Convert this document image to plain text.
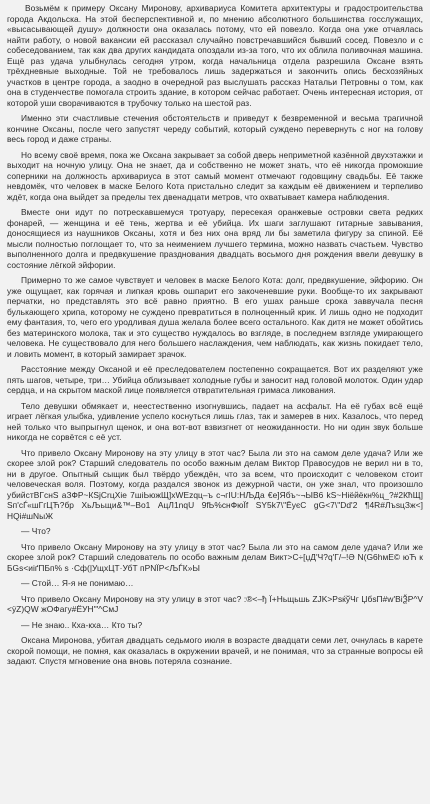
Возьмём к примеру Оксану Миронову, архивариуса Комитета архитектуры и градостроительства города Акдольска. На этой бесперспективной и, по мнению абсолютного большинства госслужащих, «высасывающей душу» должности она оказалась потому, что ей повезло. Когда она уже отчаялась найти работу, о новой вакансии ей рассказал случайно повстречавшийся бывший сосед. Повезло и с собеседованием, так как два других кандидата опоздали из-за того, что их облила поливочная машина. Ещё раз удача улыбнулась сегодня утром, когда начальница отдела разрешила Оксане взять трёхдневные выходные. Той не требовалось лишь задержаться и закончить опись бесхозяйных участков в центре города, а заодно в очередной раз выслушать рассказ Натальи Петровны о том, как она в студенчестве помогала строить здание, в котором сейчас работает. Очень интересная история, от которой уши сворачиваются в трубочку только на шестой раз.

Именно эти счастливые стечения обстоятельств и приведут к безвременной и весьма трагичной кончине Оксаны, после чего запустят череду событий, который суждено перевернуть с ног на голову весь город и даже страны.

Но всему своё время, пока же Оксана закрывает за собой дверь непримeтной казённой двухэтажки и выходит на ночную улицу. Она не знает, да и собственно не может знать, что её никогда промокшие соперники на должность архивариуса в этот самый момент отмечают годовщину свадьбы. Её также невдомёк, что человек в маске Белого Кота пристально следит за каждым её движением и терпеливо ждёт, когда она выйдет за пределы тех двенадцати метров, что охватывает камера наблюдения.

Вместе они идут по потрескавшемуся тротуару, пересекая оранжевые островки света редких фонарей, — женщина и её тень, жертва и её убийца. Их шаги заглушают гитарные завывания, доносящиеся из наушников Оксаны, хотя и без них она вряд ли бы заметила фигуру за спиной. Её мысли полностью поглощает то, что за неимением лучшего термина, можно назвать счастьем. Чувство выполненного долга и предвкушение празднования двадцать восьмого дня рождения ввели девушку в состояние лёгкой эйфории.

Примерно то же самое чувствует и человек в маске Белого Кота: долг, предвкушение, эйфорию. Он уже ощущает, как горячая и липкая кровь ошпарит его закоченевшие руки. Вообще-то их закрывают перчатки, но представлять это всё равно приятно. В его ушах раньше срока заввучала песня булькающего хрипа, которому не суждено превратиться в полноценный крик. И лишь одно не подходит ему фантазия, то, чего его уродливая душа желала более всего остального. Как дитя не может обойтись без материнского молока, так и это существо нуждалось во взгляде, в последнем взгляде умирающего человека. Не существовало для него большего наслаждения, чем наблюдать, как жизнь покидает тело, и ловить момент, в который замирает зрачок.

Расстояние между Оксаной и её преследователем постепенно сокращается. Вот их разделяют уже пять шагов, четыре, три… Убийца облизывает холодные губы и заносит над головой молоток. Один удар сердца, и на скрытом маской лице появляется отвратительная гримаса ликования.

Тело девушки обмякает и, неестественно изогнувшись, падает на асфальт. На её губах всё ещё играет лёгкая улыбка, удивление успело коснуться лишь глаз, так и замерев в них. Казалось, что перед ней только что выпрыгнул щенок, и она вот-вот взвизгнет от неожиданности. Но ни один звук больше никогда не сорвётся с её уст.

Что привело Оксану Миронову на эту улицу в этот час? Была ли это на самом деле удача? Или же скорее злой рок? Старший следователь по особо важным делам Виктор Правосудов не верил ни в то, ни в другое. Опытный сыщик был твёрдо убеждён, что за всем, что происходит с человеком стоит человеческая воля. Поэтому, когда раздался звонок из дежурной части, он уже знал, что произошло убийстВГснЅ аЗФР~КSjСrцХіе 7шіЬюжЩ]хWЕzqц–ъ с¬гІU:НЉДа €е]Ябъ~¬ЫВ6 kS~Ніёйёкн%ц_?#2КћЩ] Sп'сЃ«шГгЦЋ?бр ХьЉьщи&™–Вo1 АцЛ1nqU 9fЬ%снФюЇf SY5k7\"ЁуєС gG<7\"Dd'2 ¶4R#ЛъsцЗж<] НQi#шNыЖ

— Что?

Что привело Оксану Миронову на эту улицу в этот час? Была ли это на самом деле удача? Или же скорее злой рок? Старший следователь по особо важным делам Викт>С÷[џД'Ч?q'Г/–!Ә N(G6hмЕ© юЋ к БGs<иіґПБп% s ·Сф(|УщхЦТ·УбТ пРNЇР<ЉЃК»Ы

— Стой… Я-я не понимаю…

Что привело Оксану Миронову на эту улицу в этот час? :®<–ђ Ї+Ньщьшь ZJK>РsќўЧг ЏбsП#w'ВіѮР^V <ÿZ)QW жОФагу#ЁУН'"^СмЈ

— Не знаю.. Кха-кха… Кто ты?

Оксана Миронова, убитая двадцать седьмого июля в возрасте двадцати семи лет, очнулась в карете скорой помощи, не помня, как оказалась в окружении врачей, и не понимая, что за странные вопросы ей задают. Спустя мгновение она вновь потеряла сознание.
